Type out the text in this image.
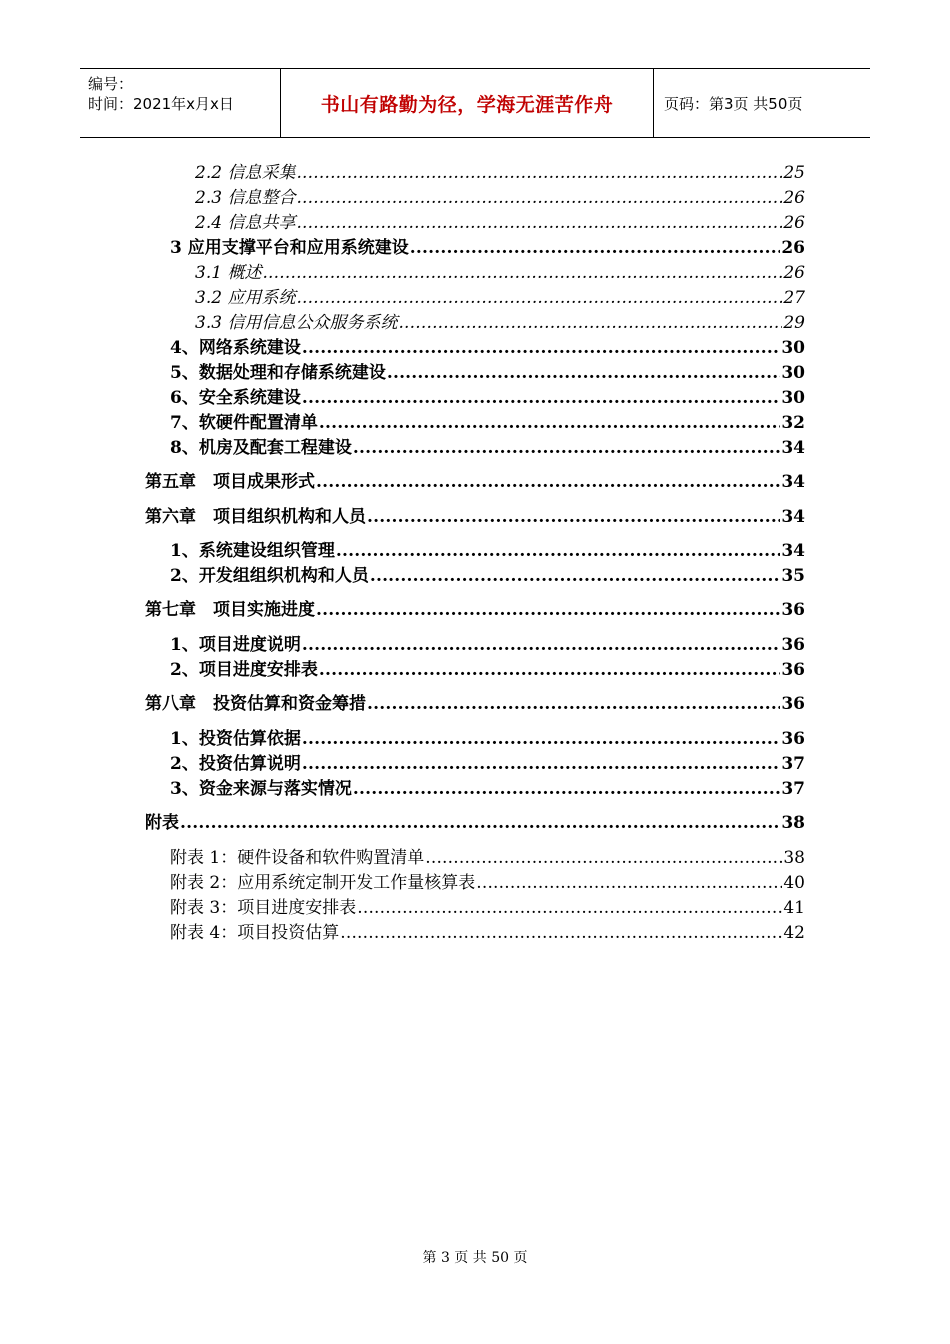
编号：
时间：2021年x月x日	书山有路勤为径，学海无涯苦作舟	页码：第3页 共50页
2.2 信息采集 .....	25
2.3 信息整合 .....	26
2.4 信息共享 .....	26
3 应用支撑平台和应用系统建设 .....	26
3.1 概述 .....	26
3.2 应用系统 .....	27
3.3 信用信息公众服务系统 .....	29
4、网络系统建设 .....	30
5、数据处理和存储系统建设 .....	30
6、安全系统建设 .....	30
7、软硬件配置清单 .....	32
8、机房及配套工程建设 .....	34
第五章　项目成果形式 .....	34
第六章　项目组织机构和人员 .....	34
1、系统建设组织管理 .....	34
2、开发组组织机构和人员 .....	35
第七章　项目实施进度 .....	36
1、项目进度说明 .....	36
2、项目进度安排表 .....	36
第八章　投资估算和资金筹措 .....	36
1、投资估算依据 .....	36
2、投资估算说明 .....	37
3、资金来源与落实情况 .....	37
附表 .....	38
附表 1：硬件设备和软件购置清单 .....	38
附表 2：应用系统定制开发工作量核算表 .....	40
附表 3：项目进度安排表 .....	41
附表 4：项目投资估算 .....	42
第 3 页 共 50 页
